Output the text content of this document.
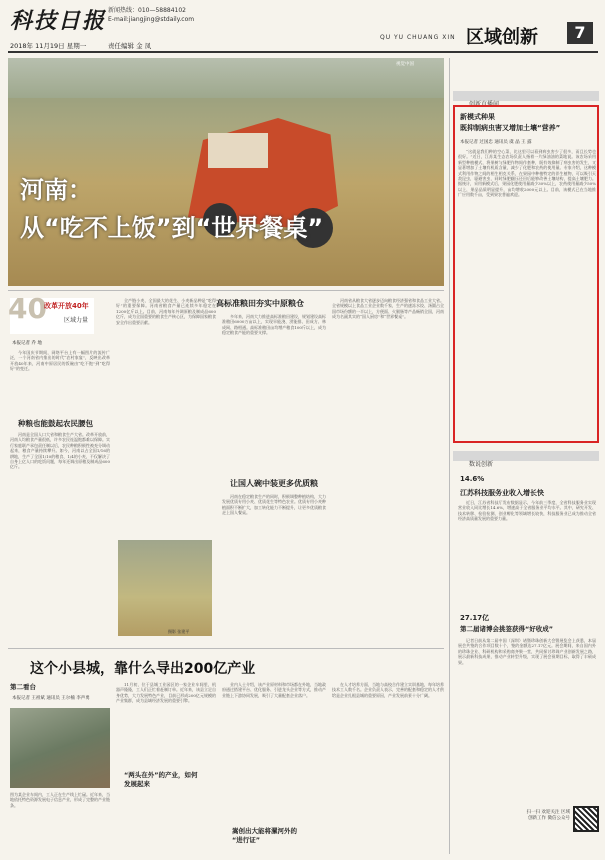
科技日报 新闻热线：010—58884102
E-mail:jiangjing@stdaily.com
2018年 11月19日 星期一	责任编辑 金 凤
QU YU CHUANG XIN 区域创新	7
视觉中国
河南：
从“吃不上饭”到“世界餐桌”
40
改革开放40年
区域力量
本报记者 乔 地

今年国庆节期间，网络平台上有一幅图片的流传广泛，一个河南省内推出的时代“农村家宴”，反映出改革开放40年来，河南中原居民的饭碗由“吃不饱”到“吃得好”的变迁。

种粮也能鼓起农民腰包

河南是全国人口大省和粮食生产大省。改革开放前，河南人均粮食产量很低，许多农民连温饱都难以保障。实行家庭联产承包责任制以后，农民种粮积极性被充分调动起来，粮食产量持续攀升。如今，河南以占全国1/16的耕地，生产了全国1/10的粮食、1/4的小麦，不仅解决了自身上亿人口的吃饭问题，每年还调出原粮及制成品600亿斤。

全产链小麦、全国最大的花生、小麦新品种是“吃得好”的重要保障。河南省粮食产量已连续多年稳定在1200亿斤以上。目前，河南每年外调原粮及制成品600亿斤，成为全国重要的粮食生产核心区，为保障国家粮食安全作出重要贡献。

摄影 张建平
高标准粮田夯实中原粮仓

多年来，河南大力推进高标准粮田建设，规划建设高标准粮田6000万亩以上，实现旱能浇、涝能排、田成方、林成网、路相通。高标准粮田亩均增产粮食100斤以上，成为稳定粮食产能的重要支撑。

让国人碗中装更多优质粮

河南在稳定粮食生产的同时，积极调整种植结构，大力发展优质专用小麦、优质花生等特色农业。优质专用小麦种植面积不断扩大，加工转化能力不断提升，让更多优质粮食走上国人餐桌。

河南省从粮食大省逐步迈向粮食经济强省和食品工业大省。全省规模以上食品工业企业数千家，生产的速冻水饺、汤圆占全国市场份额的一半以上，方便面、火腿肠等产品畅销全国，河南成为名副其实的“国人厨房”和“世界餐桌”。

这个小县城，靠什么导出200亿产业
第二看台
本报记者 王祖斌 通讯员 王尔楠 李声勇
图为某企业车间内，工人正在生产线上忙碌。近年来，当地依托特色资源发展电子信息产业，形成了完整的产业链条。

11月初，位于县城工业园区的一家企业车间里，机器声隆隆，工人们正忙着赶制订单。近年来，该县立足自身优势，大力发展特色产业，目前已形成200亿元规模的产业集群，成为县域经济发展的重要引擎。

“两头在外”的产业，如何
发展起来

业内人士介绍，该产业原材料和市场都在外地，当地政府通过搭建平台、优化服务、引进龙头企业等方式，推动产业链上下游协同发展，吸引了大量配套企业落户。

嵩创出大能将漯河外的
“进行证”

在人才培养方面，当地与高校合作建立实训基地，每年培养技术工人数千名。企业负责人表示，完善的配套和稳定的人才供给是企业扎根县城的重要原因，产业发展前景十分广阔。

创新直播间
新模式种果
既抑制病虫害又增加土壤“营养”
本报记者 过国忠 通讯员 虞 晶 王 露

“这就是我们种的空心菜，比这里可以看到病虫害少了很多，而且长势也很好。”近日，江苏某生态农场负责人指着一片绿油油的菜地说。该农场采用新型种植模式，将果树与绿肥作物间作套种，既有效抑制了病虫害的发生，又显著增加了土壤有机质含量，减少了化肥和农药的使用量。专家介绍，这种模式利用作物之间的相生相克关系，在果园中种植特定的伴生植物，可以吸引天敌昆虫，驱避害虫，同时绿肥翻压还田后能够改善土壤结构，提高土壤肥力。据统计，采用新模式后，果园化肥使用量减少30%以上，农药使用量减少50%以上，果品品质明显提升，亩均增收2000元以上。目前，该模式已在当地推广应用数千亩，受到果农普遍欢迎。

数说创新
14.6%
江苏科技服务业收入增长快

近日，江苏省科技厅发布数据显示，今年前三季度，全省科技服务业实现营业收入同比增长14.6%，增速高于全省服务业平均水平。其中，研究开发、技术转移、检验检测、创业孵化等领域增长较快，科技服务业已成为推动全省经济高质量发展的重要力量。

27.17亿
第二届诸博会挑签获得“好收成”

记者日前从第二届中国（深圳）诸暨珍珠创新大会暨展览会上获悉，本届展会共签约合作项目数十个，签约金额达27.17亿元。展会期间，来自国内外的珍珠企业、科研机构和采购商齐聚一堂，共同探讨珍珠产业创新发展之路，展示最新科技成果，推动产业转型升级，实现了展会预期目标，取得了丰硕成果。

扫一扫 欢迎关注 区域创新工作 微信公众号
